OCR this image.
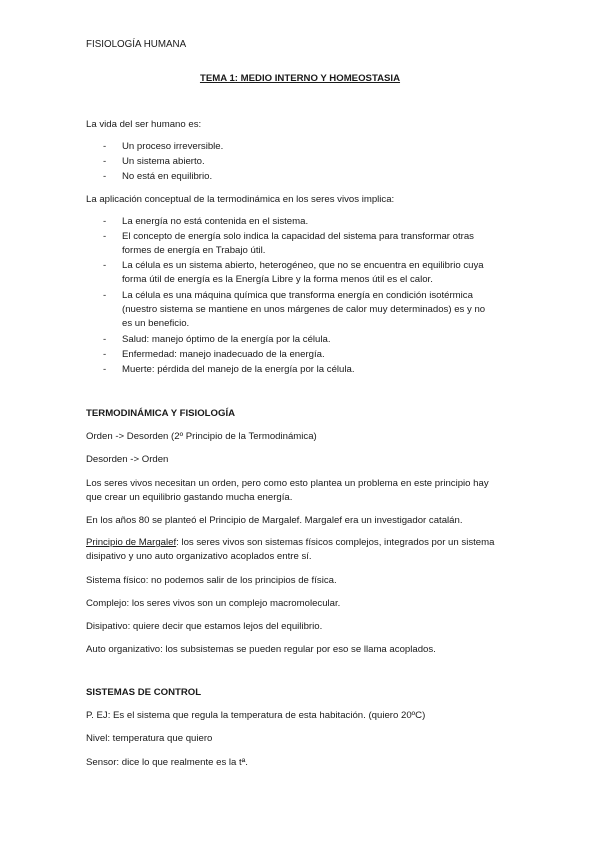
FISIOLOGÍA HUMANA
TEMA 1: MEDIO INTERNO Y HOMEOSTASIA
La vida del ser humano es:
- Un proceso irreversible.
- Un sistema abierto.
- No está en equilibrio.
La aplicación conceptual de la termodinámica en los seres vivos implica:
- La energía no está contenida en el sistema.
- El concepto de energía solo indica la capacidad del sistema para transformar otras
formes de energía en Trabajo útil.
- La célula es un sistema abierto, heterogéneo, que no se encuentra en equilibrio cuya
forma útil de energía es la Energía Libre y la forma menos útil es el calor.
- La célula es una máquina química que transforma energía en condición isotérmica
(nuestro sistema se mantiene en unos márgenes de calor muy determinados) es y no
es un beneficio.
- Salud: manejo óptimo de la energía por la célula.
- Enfermedad: manejo inadecuado de la energía.
- Muerte: pérdida del manejo de la energía por la célula.
TERMODINÁMICA Y FISIOLOGÍA
Orden -> Desorden (2º Principio de la Termodinámica)
Desorden -> Orden
Los seres vivos necesitan un orden, pero como esto plantea un problema en este principio hay
que crear un equilibrio gastando mucha energía.
En los años 80 se planteó el Principio de Margalef. Margalef era un investigador catalán.
Principio de Margalef: los seres vivos son sistemas físicos complejos, integrados por un sistema
disipativo y uno auto organizativo acoplados entre sí.
Sistema físico: no podemos salir de los principios de física.
Complejo: los seres vivos son un complejo macromolecular.
Disipativo: quiere decir que estamos lejos del equilibrio.
Auto organizativo: los subsistemas se pueden regular por eso se llama acoplados.
SISTEMAS DE CONTROL
P. EJ: Es el sistema que regula la temperatura de esta habitación. (quiero 20ºC)
Nivel: temperatura que quiero
Sensor: dice lo que realmente es la tª.
